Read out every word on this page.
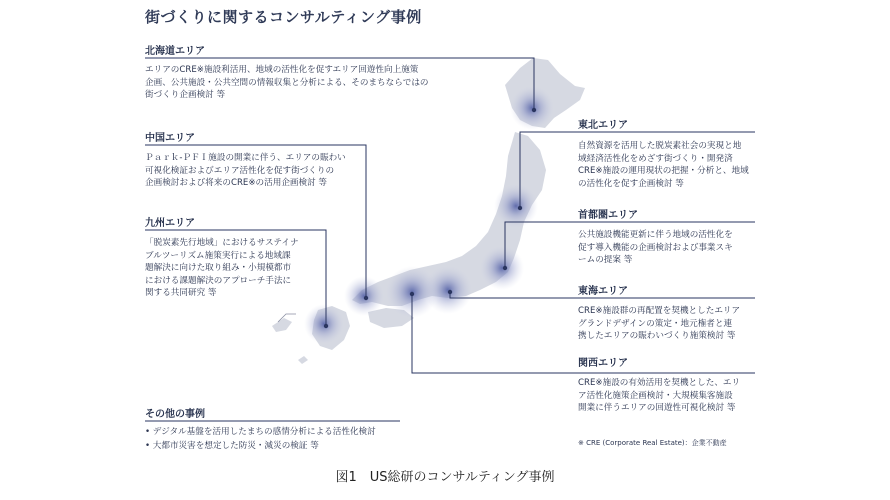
街づくりに関するコンサルティング事例
北海道エリア
エリアのCRE※施設利活用、地域の活性化を促すエリア回遊性向上施策
企画、公共施設・公共空間の情報収集と分析による、そのまちならではの
街づくり企画検討 等
中国エリア
Ｐａｒｋ-ＰＦＩ施設の開業に伴う、エリアの賑わい
可視化検証およびエリア活性化を促す街づくりの
企画検討および将来のCRE※の活用企画検討 等
九州エリア
「脱炭素先行地域」におけるサステイナ
ブルツーリズム施策実行による地域課
題解決に向けた取り組み・小規模都市
における課題解決のアプローチ手法に
関する共同研究 等
東北エリア
自然資源を活用した脱炭素社会の実現と地
域経済活性化をめざす街づくり・開発済
CRE※施設の運用現状の把握・分析と、地域
の活性化を促す企画検討 等
首都圏エリア
公共施設機能更新に伴う地域の活性化を
促す導入機能の企画検討および事業スキ
ームの提案 等
東海エリア
CRE※施設群の再配置を契機としたエリア
グランドデザインの策定・地元権者と連
携したエリアの賑わいづくり施策検討 等
関西エリア
CRE※施設の有効活用を契機とした、エリ
ア活性化施策企画検討・大規模集客施設
開業に伴うエリアの回遊性可視化検討 等
その他の事例
• デジタル基盤を活用したまちの感情分析による活性化検討
• 大都市災害を想定した防災・減災の検証 等	※ CRE (Corporate Real Estate)：企業不動産
図1　US総研のコンサルティング事例
